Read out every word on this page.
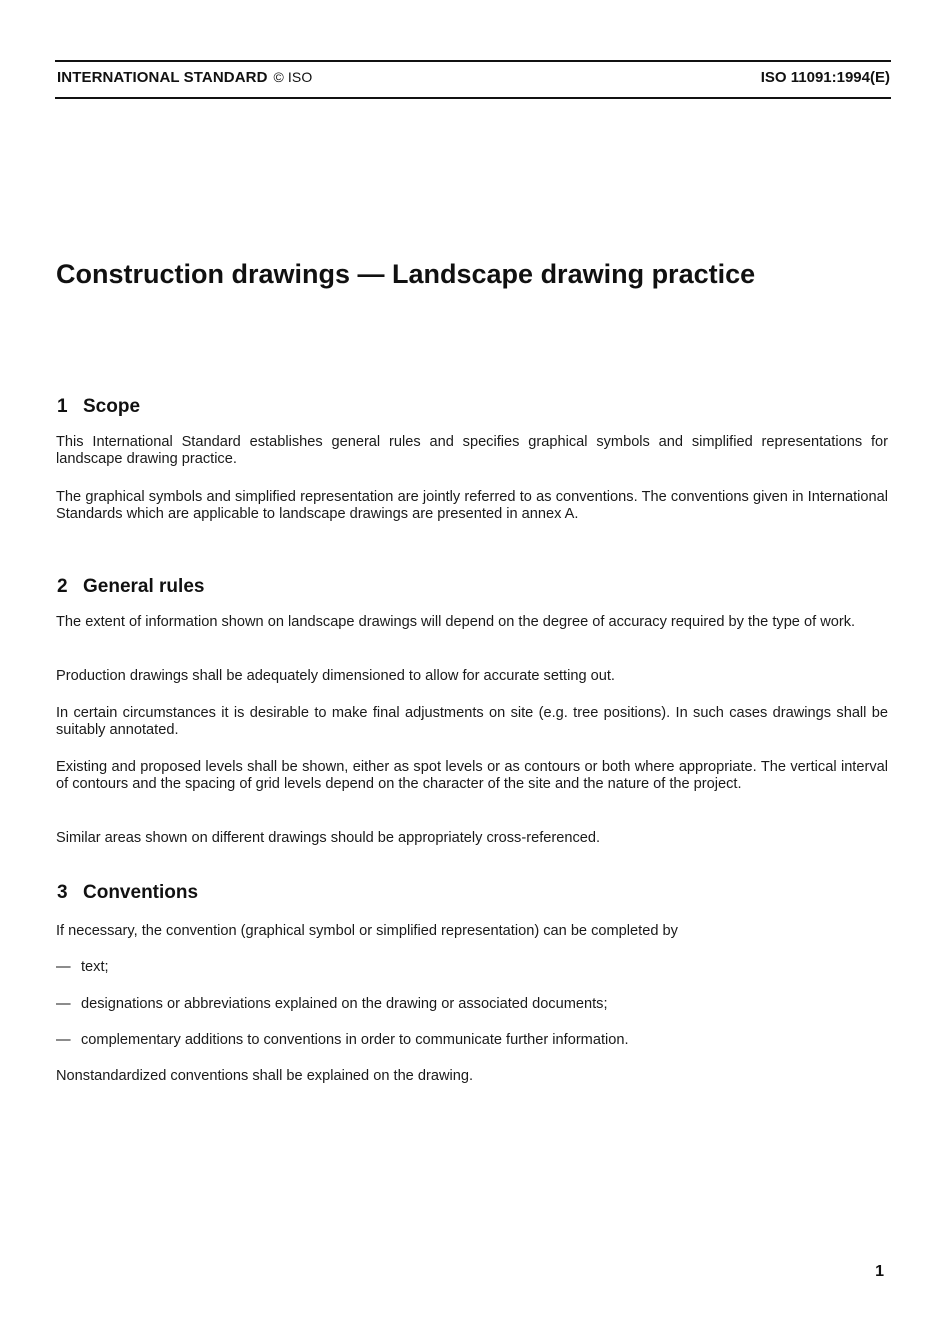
INTERNATIONAL STANDARD © ISO	ISO 11091:1994(E)
Construction drawings — Landscape drawing practice
1 Scope

This International Standard establishes general rules and specifies graphical symbols and simplified representations for landscape drawing practice.

The graphical symbols and simplified representation are jointly referred to as conventions. The conventions given in International Standards which are applicable to landscape drawings are presented in annex A.

2 General rules

The extent of information shown on landscape drawings will depend on the degree of accuracy required by the type of work.

Production drawings shall be adequately dimensioned to allow for accurate setting out.

In certain circumstances it is desirable to make final adjustments on site (e.g. tree positions). In such cases drawings shall be suitably annotated.

Existing and proposed levels shall be shown, either as spot levels or as contours or both where appropriate. The vertical interval of contours and the spacing of grid levels depend on the character of the site and the nature of the project.

Similar areas shown on different drawings should be appropriately cross-referenced.

3 Conventions

If necessary, the convention (graphical symbol or simplified representation) can be completed by

— text;

— designations or abbreviations explained on the drawing or associated documents;

— complementary additions to conventions in order to communicate further information.

Nonstandardized conventions shall be explained on the drawing.

1
